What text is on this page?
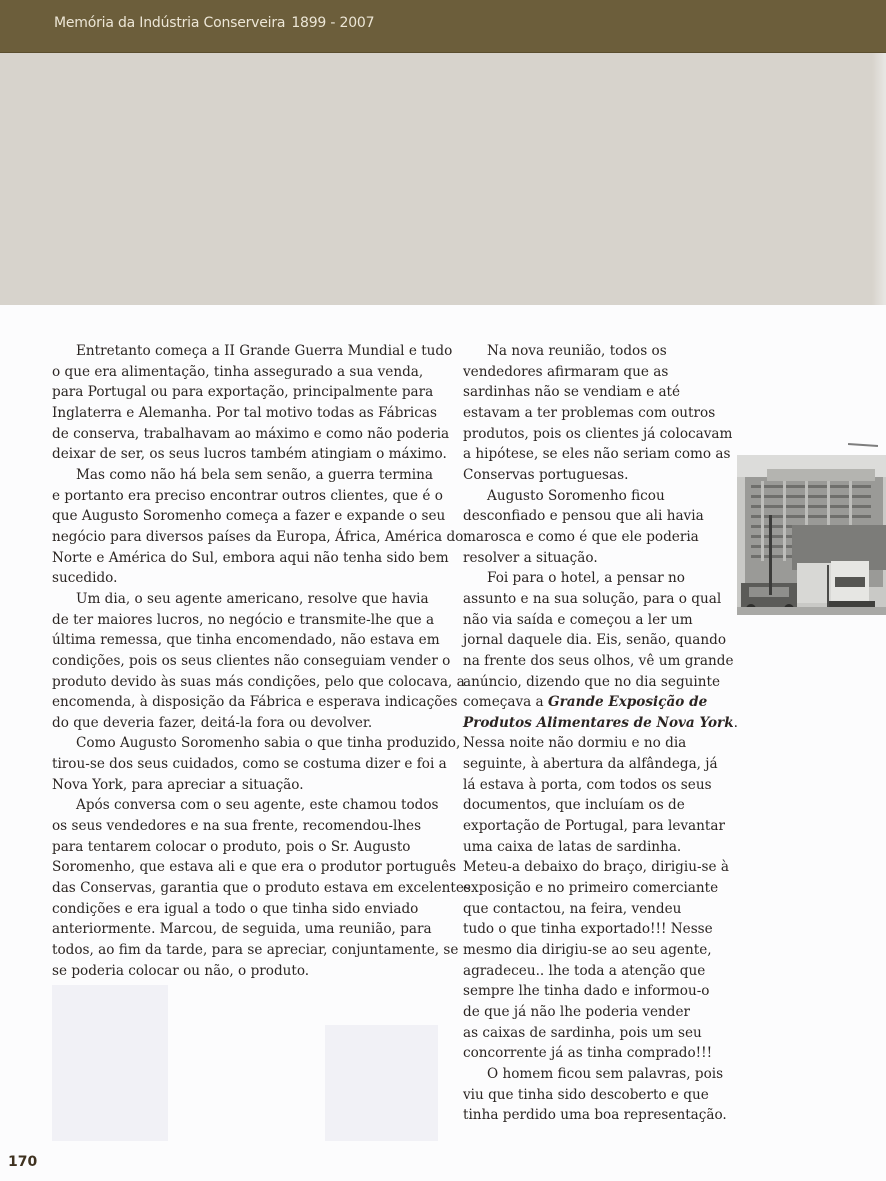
Memória da Indústria Conserveira 1899 - 2007

Entretanto começa a II Grande Guerra Mundial e tudo
o que era alimentação, tinha assegurado a sua venda,
para Portugal ou para exportação, principalmente para
Inglaterra e Alemanha. Por tal motivo todas as Fábricas
de conserva, trabalhavam ao máximo e como não poderia
deixar de ser, os seus lucros também atingiam o máximo.

Mas como não há bela sem senão, a guerra termina
e portanto era preciso encontrar outros clientes, que é o
que Augusto Soromenho começa a fazer e expande o seu
negócio para diversos países da Europa, África, América do
Norte e América do Sul, embora aqui não tenha sido bem
sucedido.

Um dia, o seu agente americano, resolve que havia
de ter maiores lucros, no negócio e transmite-lhe que a
última remessa, que tinha encomendado, não estava em
condições, pois os seus clientes não conseguiam vender o
produto devido às suas más condições, pelo que colocava, a
encomenda, à disposição da Fábrica e esperava indicações
do que deveria fazer, deitá-la fora ou devolver.

Como Augusto Soromenho sabia o que tinha produzido,
tirou-se dos seus cuidados, como se costuma dizer e foi a
Nova York, para apreciar a situação.

Após conversa com o seu agente, este chamou todos
os seus vendedores e na sua frente, recomendou-lhes
para tentarem colocar o produto, pois o Sr. Augusto
Soromenho, que estava ali e que era o produtor português
das Conservas, garantia que o produto estava em excelentes
condições e era igual a todo o que tinha sido enviado
anteriormente. Marcou, de seguida, uma reunião, para
todos, ao fim da tarde, para se apreciar, conjuntamente, se
se poderia colocar ou não, o produto.

Na nova reunião, todos os
vendedores afirmaram que as
sardinhas não se vendiam e até
estavam a ter problemas com outros
produtos, pois os clientes já colocavam
a hipótese, se eles não seriam como as
Conservas portuguesas.

Augusto Soromenho ficou
desconfiado e pensou que ali havia
marosca e como é que ele poderia
resolver a situação.

Foi para o hotel, a pensar no
assunto e na sua solução, para o qual
não via saída e começou a ler um
jornal daquele dia. Eis, senão, quando
na frente dos seus olhos, vê um grande
anúncio, dizendo que no dia seguinte
começava a Grande Exposição de
Produtos Alimentares de Nova York.
Nessa noite não dormiu e no dia
seguinte, à abertura da alfândega, já
lá estava à porta, com todos os seus
documentos, que incluíam os de
exportação de Portugal, para levantar
uma caixa de latas de sardinha.
Meteu-a debaixo do braço, dirigiu-se à
exposição e no primeiro comerciante
que contactou, na feira, vendeu
tudo o que tinha exportado!!! Nesse
mesmo dia dirigiu-se ao seu agente,
agradeceu.. lhe toda a atenção que
sempre lhe tinha dado e informou-o
de que já não lhe poderia vender
as caixas de sardinha, pois um seu
concorrente já as tinha comprado!!!

O homem ficou sem palavras, pois
viu que tinha sido descoberto e que
tinha perdido uma boa representação.

170
